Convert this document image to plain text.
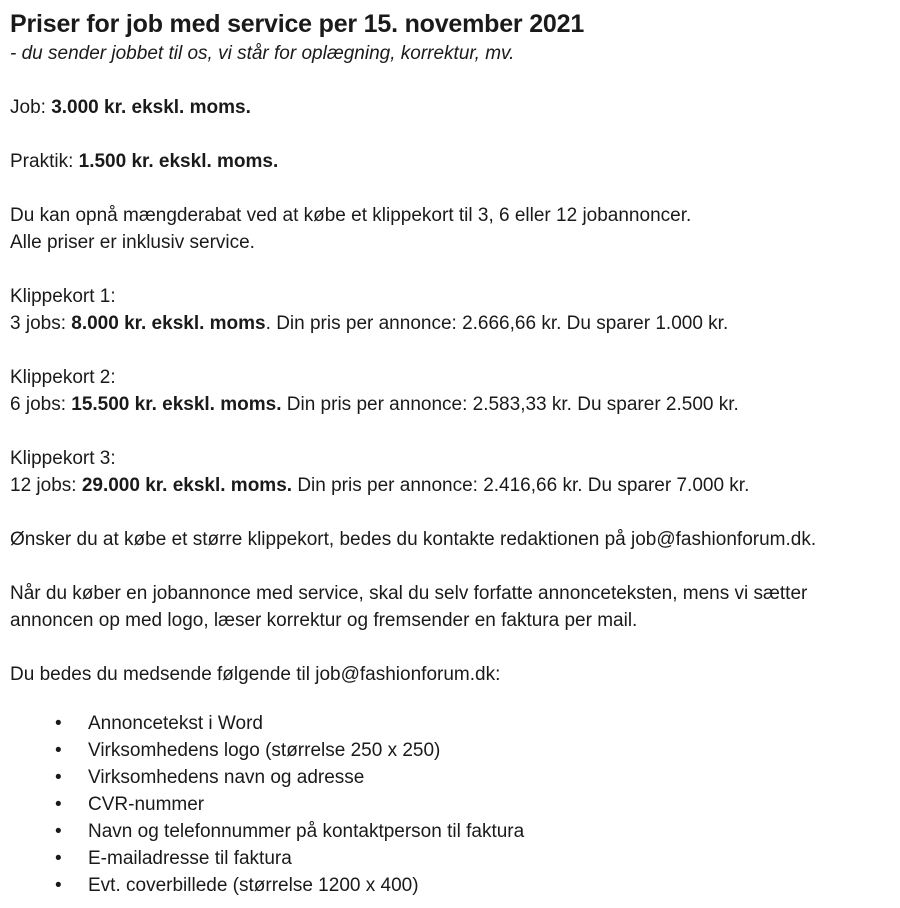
Priser for job med service per 15. november 2021
- du sender jobbet til os, vi står for oplægning, korrektur, mv.

Job: 3.000 kr. ekskl. moms.

Praktik: 1.500 kr. ekskl. moms.

Du kan opnå mængderabat ved at købe et klippekort til 3, 6 eller 12 jobannoncer.
Alle priser er inklusiv service.

Klippekort 1:
3 jobs: 8.000 kr. ekskl. moms. Din pris per annonce: 2.666,66 kr. Du sparer 1.000 kr.

Klippekort 2:
6 jobs: 15.500 kr. ekskl. moms. Din pris per annonce: 2.583,33 kr. Du sparer 2.500 kr.

Klippekort 3:
12 jobs: 29.000 kr. ekskl. moms. Din pris per annonce: 2.416,66 kr. Du sparer 7.000 kr.

Ønsker du at købe et større klippekort, bedes du kontakte redaktionen på job@fashionforum.dk.

Når du køber en jobannonce med service, skal du selv forfatte annonceteksten, mens vi sætter annoncen op med logo, læser korrektur og fremsender en faktura per mail.

Du bedes du medsende følgende til job@fashionforum.dk:

• Annoncetekst i Word
• Virksomhedens logo (størrelse 250 x 250)
• Virksomhedens navn og adresse
• CVR-nummer
• Navn og telefonnummer på kontaktperson til faktura
• E-mailadresse til faktura
• Evt. coverbillede (størrelse 1200 x 400)
